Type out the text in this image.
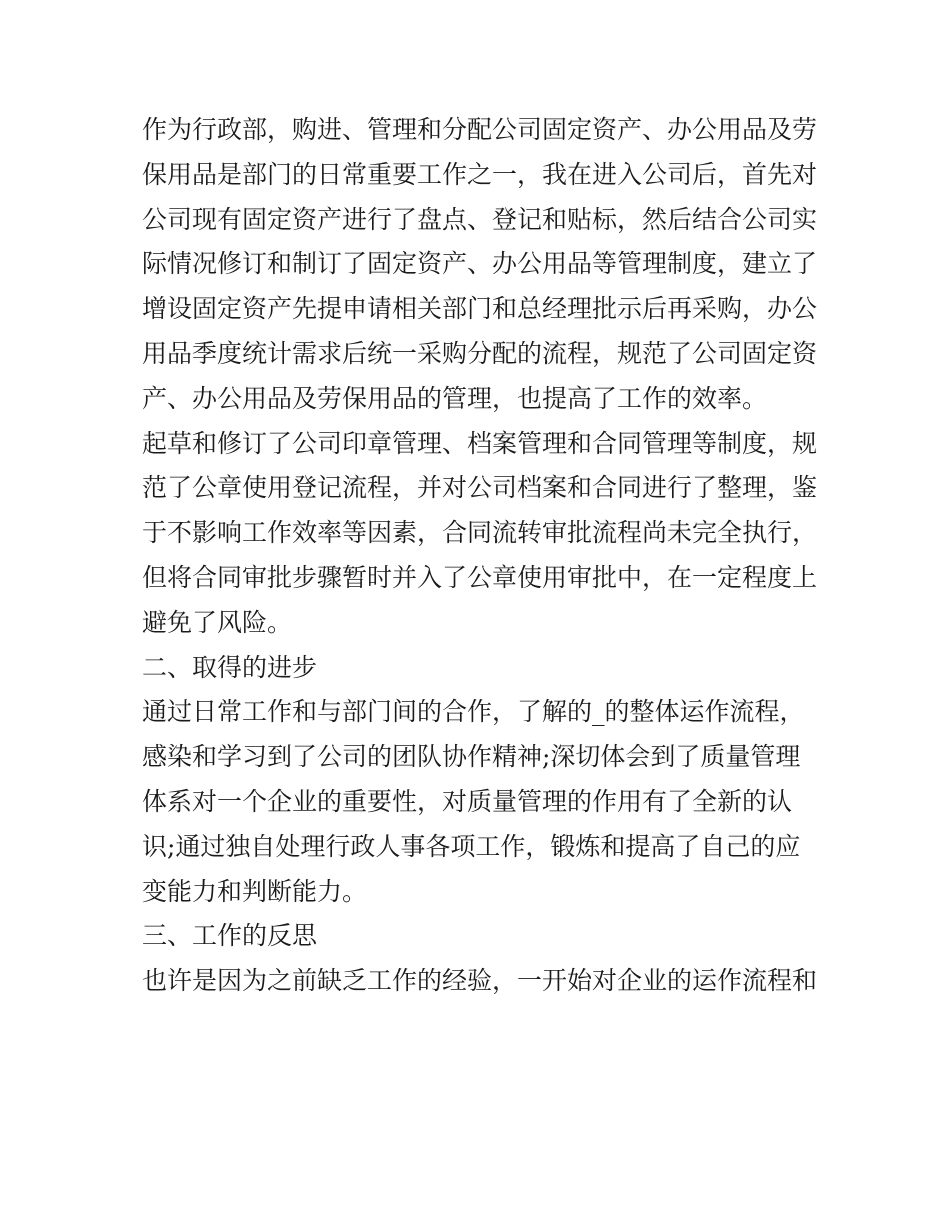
作为行政部，购进、管理和分配公司固定资产、办公用品及劳
保用品是部门的日常重要工作之一，我在进入公司后，首先对
公司现有固定资产进行了盘点、登记和贴标，然后结合公司实
际情况修订和制订了固定资产、办公用品等管理制度，建立了
增设固定资产先提申请相关部门和总经理批示后再采购，办公
用品季度统计需求后统一采购分配的流程，规范了公司固定资
产、办公用品及劳保用品的管理，也提高了工作的效率。
起草和修订了公司印章管理、档案管理和合同管理等制度，规
范了公章使用登记流程，并对公司档案和合同进行了整理，鉴
于不影响工作效率等因素，合同流转审批流程尚未完全执行，
但将合同审批步骤暂时并入了公章使用审批中，在一定程度上
避免了风险。
二、取得的进步
通过日常工作和与部门间的合作，了解的_的整体运作流程，
感染和学习到了公司的团队协作精神;深切体会到了质量管理
体系对一个企业的重要性，对质量管理的作用有了全新的认
识;通过独自处理行政人事各项工作，锻炼和提高了自己的应
变能力和判断能力。
三、工作的反思
也许是因为之前缺乏工作的经验，一开始对企业的运作流程和
